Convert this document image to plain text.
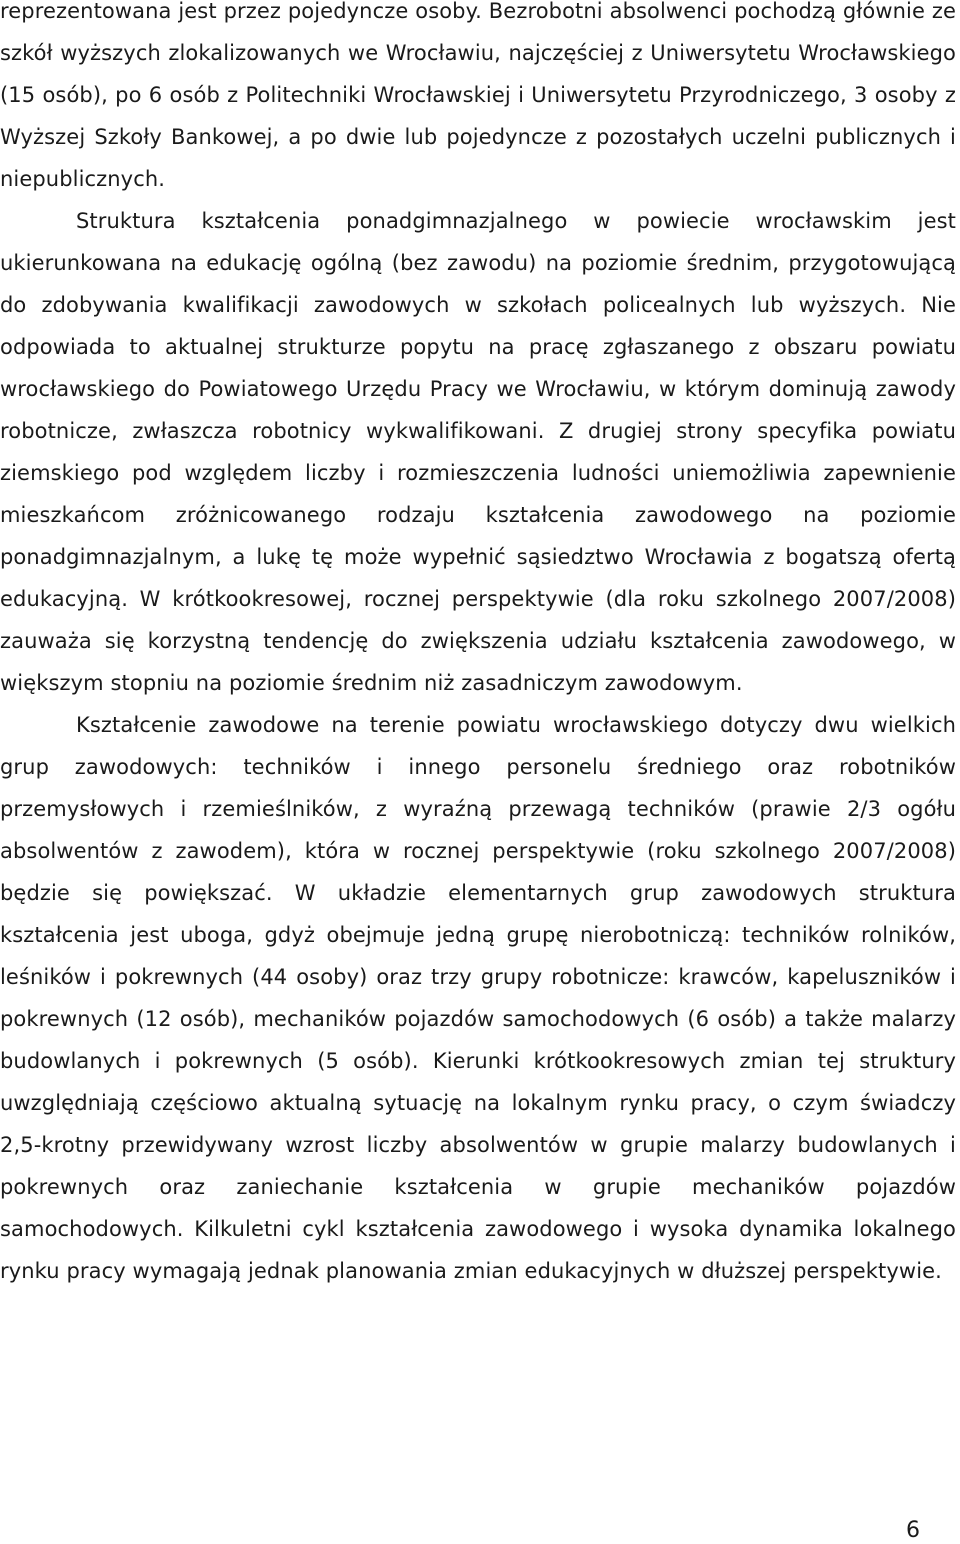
reprezentowana jest przez pojedyncze osoby. Bezrobotni absolwenci pochodzą głównie ze szkół wyższych zlokalizowanych we Wrocławiu, najczęściej z Uniwersytetu Wrocławskiego (15 osób), po 6 osób z Politechniki Wrocławskiej i Uniwersytetu Przyrodniczego, 3 osoby z Wyższej Szkoły Bankowej, a po dwie lub pojedyncze z pozostałych uczelni publicznych i niepublicznych.

Struktura kształcenia ponadgimnazjalnego w powiecie wrocławskim jest ukierunkowana na edukację ogólną (bez zawodu) na poziomie średnim, przygotowującą do zdobywania kwalifikacji zawodowych w szkołach policealnych lub wyższych. Nie odpowiada to aktualnej strukturze popytu na pracę zgłaszanego z obszaru powiatu wrocławskiego do Powiatowego Urzędu Pracy we Wrocławiu, w którym dominują zawody robotnicze, zwłaszcza robotnicy wykwalifikowani. Z drugiej strony specyfika powiatu ziemskiego pod względem liczby i rozmieszczenia ludności uniemożliwia zapewnienie mieszkańcom zróżnicowanego rodzaju kształcenia zawodowego na poziomie ponadgimnazjalnym, a lukę tę może wypełnić sąsiedztwo Wrocławia z bogatszą ofertą edukacyjną. W krótkookresowej, rocznej perspektywie (dla roku szkolnego 2007/2008) zauważa się korzystną tendencję do zwiększenia udziału kształcenia zawodowego, w większym stopniu na poziomie średnim niż zasadniczym zawodowym.

Kształcenie zawodowe na terenie powiatu wrocławskiego dotyczy dwu wielkich grup zawodowych: techników i innego personelu średniego oraz robotników przemysłowych i rzemieślników, z wyraźną przewagą techników (prawie 2/3 ogółu absolwentów z zawodem), która w rocznej perspektywie (roku szkolnego 2007/2008) będzie się powiększać. W układzie elementarnych grup zawodowych struktura kształcenia jest uboga, gdyż obejmuje jedną grupę nierobotniczą: techników rolników, leśników i pokrewnych (44 osoby) oraz trzy grupy robotnicze: krawców, kapeluszników i pokrewnych (12 osób), mechaników pojazdów samochodowych (6 osób) a także malarzy budowlanych i pokrewnych (5 osób). Kierunki krótkookresowych zmian tej struktury uwzględniają częściowo aktualną sytuację na lokalnym rynku pracy, o czym świadczy 2,5-krotny przewidywany wzrost liczby absolwentów w grupie malarzy budowlanych i pokrewnych oraz zaniechanie kształcenia w grupie mechaników pojazdów samochodowych. Kilkuletni cykl kształcenia zawodowego i wysoka dynamika lokalnego rynku pracy wymagają jednak planowania zmian edukacyjnych w dłuższej perspektywie.

6
